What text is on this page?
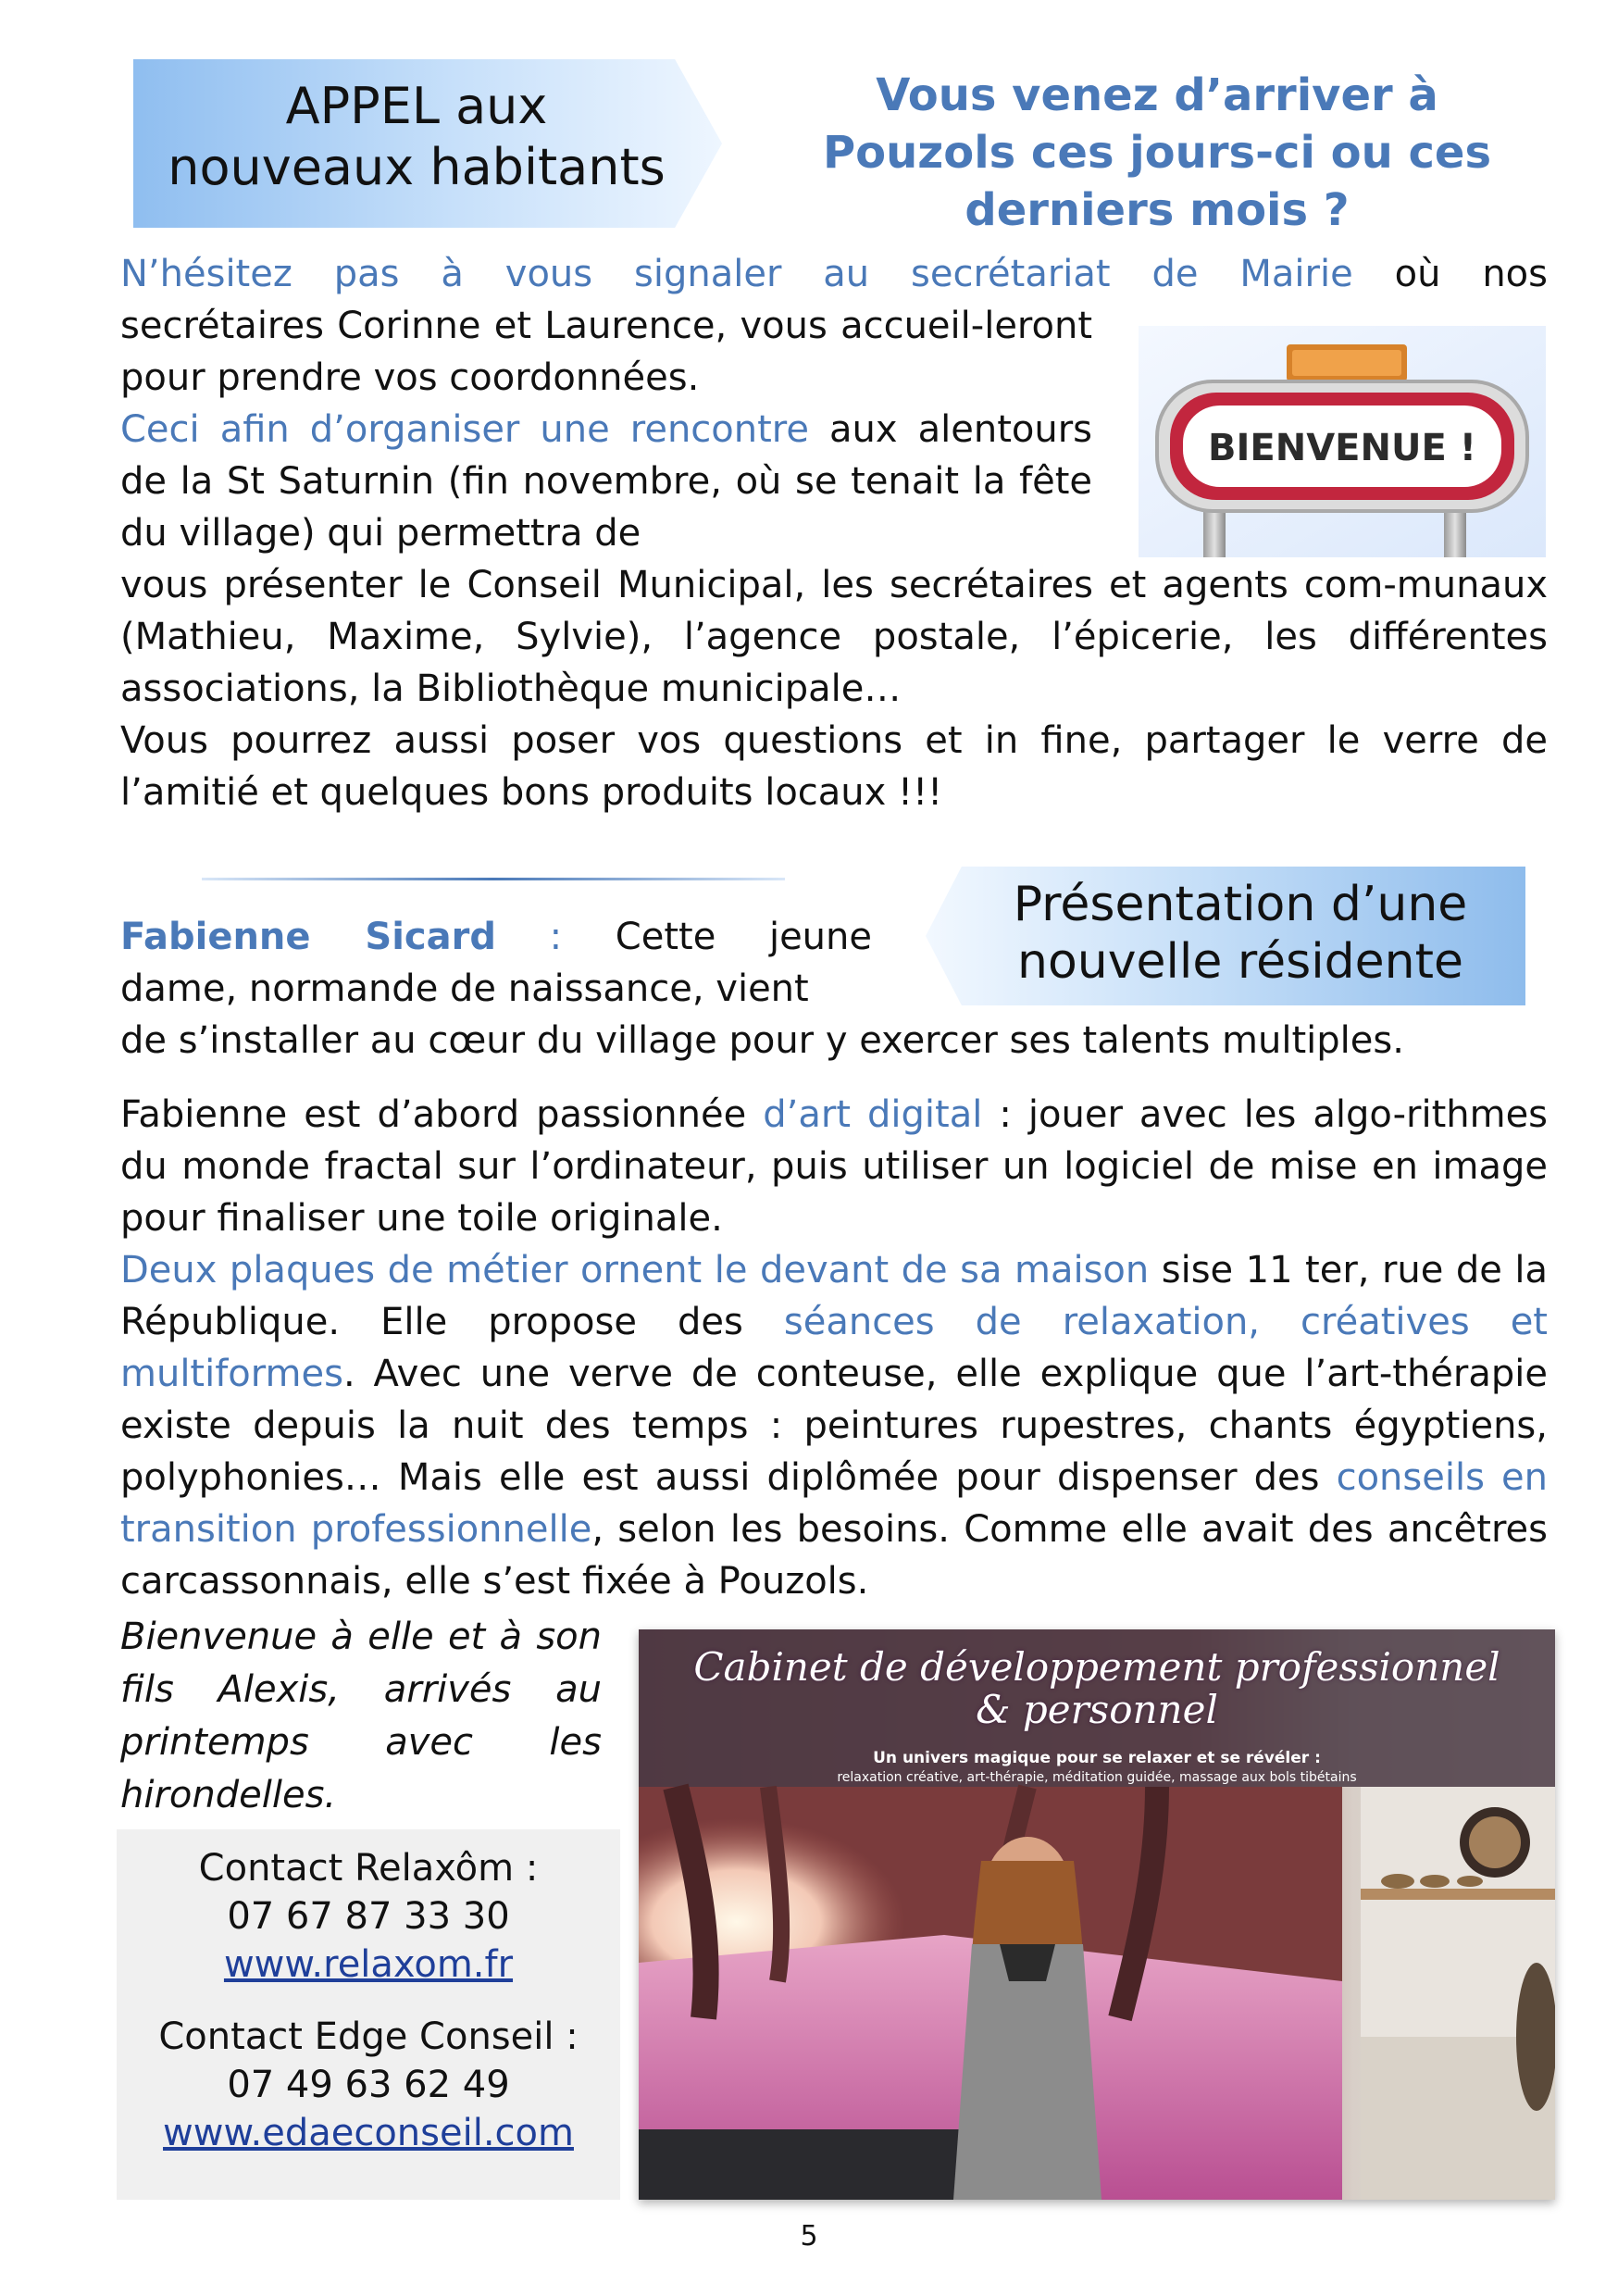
APPEL aux
nouveaux habitants
Vous venez d’arriver à
Pouzols ces jours-ci ou ces
derniers mois ?
N’hésitez pas à vous signaler au secrétariat de Mairie où nos
secrétaires Corinne et Laurence, vous accueil-leront pour prendre vos coordonnées.
Ceci afin d’organiser une rencontre aux alentours de la St Saturnin (fin novembre, où se tenait la fête du village) qui permettra de
vous présenter le Conseil Municipal, les secrétaires et agents com-munaux (Mathieu, Maxime, Sylvie), l’agence postale, l’épicerie, les différentes associations, la Bibliothèque municipale…
Vous pourrez aussi poser vos questions et in fine, partager le verre de l’amitié et quelques bons produits locaux !!!
BIENVENUE !
Présentation d’une
nouvelle résidente
Fabienne Sicard : Cette jeune
dame, normande de naissance, vient
de s’installer au cœur du village pour y exercer ses talents multiples.
Fabienne est d’abord passionnée d’art digital : jouer avec les algo-rithmes du monde fractal sur l’ordinateur, puis utiliser un logiciel de mise en image pour finaliser une toile originale.
Deux plaques de métier ornent le devant de sa maison sise 11 ter, rue de la République. Elle propose des séances de relaxation, créatives et multiformes. Avec une verve de conteuse, elle explique que l’art-thérapie existe depuis la nuit des temps : peintures rupestres, chants égyptiens, polyphonies… Mais elle est aussi diplômée pour dispenser des conseils en transition professionnelle, selon les besoins. Comme elle avait des ancêtres carcassonnais, elle s’est fixée à Pouzols.
Bienvenue à elle et à son fils Alexis, arrivés au printemps avec les hirondelles.
Contact Relaxôm :
07 67 87 33 30
www.relaxom.fr
Contact Edge Conseil :
07 49 63 62 49
www.edaeconseil.com
Cabinet de développement professionnel
& personnel
Un univers magique pour se relaxer et se révéler :
relaxation créative, art-thérapie, méditation guidée, massage aux bols tibétains
5
